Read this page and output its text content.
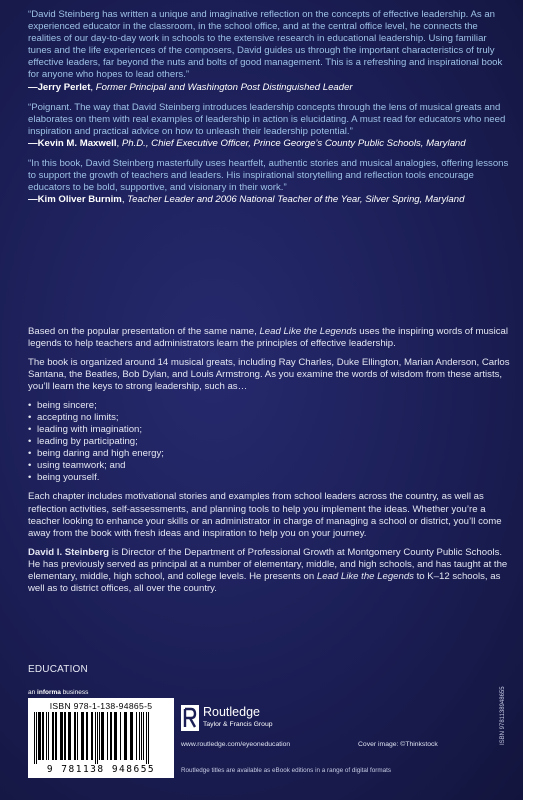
“David Steinberg has written a unique and imaginative reflection on the concepts of effective leadership. As an experienced educator in the classroom, in the school office, and at the central office level, he connects the realities of our day-to-day work in schools to the extensive research in educational leadership. Using familiar tunes and the life experiences of the composers, David guides us through the important characteristics of truly effective leaders, far beyond the nuts and bolts of good management. This is a refreshing and inspirational book for anyone who hopes to lead others.”

—Jerry Perlet, Former Principal and Washington Post Distinguished Leader

“Poignant. The way that David Steinberg introduces leadership concepts through the lens of musical greats and elaborates on them with real examples of leadership in action is elucidating. A must read for educators who need inspiration and practical advice on how to unleash their leadership potential.”

—Kevin M. Maxwell, Ph.D., Chief Executive Officer, Prince George’s County Public Schools, Maryland

“In this book, David Steinberg masterfully uses heartfelt, authentic stories and musical analogies, offering lessons to support the growth of teachers and leaders. His inspirational storytelling and reflection tools encourage educators to be bold, supportive, and visionary in their work.”

—Kim Oliver Burnim, Teacher Leader and 2006 National Teacher of the Year, Silver Spring, Maryland

Based on the popular presentation of the same name, Lead Like the Legends uses the inspiring words of musical legends to help teachers and administrators learn the principles of effective leadership.

The book is organized around 14 musical greats, including Ray Charles, Duke Ellington, Marian Anderson, Carlos Santana, the Beatles, Bob Dylan, and Louis Armstrong. As you examine the words of wisdom from these artists, you’ll learn the keys to strong leadership, such as…

• being sincere;
• accepting no limits;
• leading with imagination;
• leading by participating;
• being daring and high energy;
• using teamwork; and
• being yourself.

Each chapter includes motivational stories and examples from school leaders across the country, as well as reflection activities, self-assessments, and planning tools to help you implement the ideas. Whether you’re a teacher looking to enhance your skills or an administrator in charge of managing a school or district, you’ll come away from the book with fresh ideas and inspiration to help you on your journey.

David I. Steinberg is Director of the Department of Professional Growth at Montgomery County Public Schools. He has previously served as principal at a number of elementary, middle, and high schools, and has taught at the elementary, middle, high school, and college levels. He presents on Lead Like the Legends to K–12 schools, as well as to district offices, all over the country.

EDUCATION
an informa business
ISBN 978-1-138-94865-5
9 781138 948655
Routledge
Taylor & Francis Group
www.routledge.com/eyeoneducation	Cover image: ©Thinkstock
Routledge titles are available as eBook editions in a range of digital formats
ISBN 9781138948655
